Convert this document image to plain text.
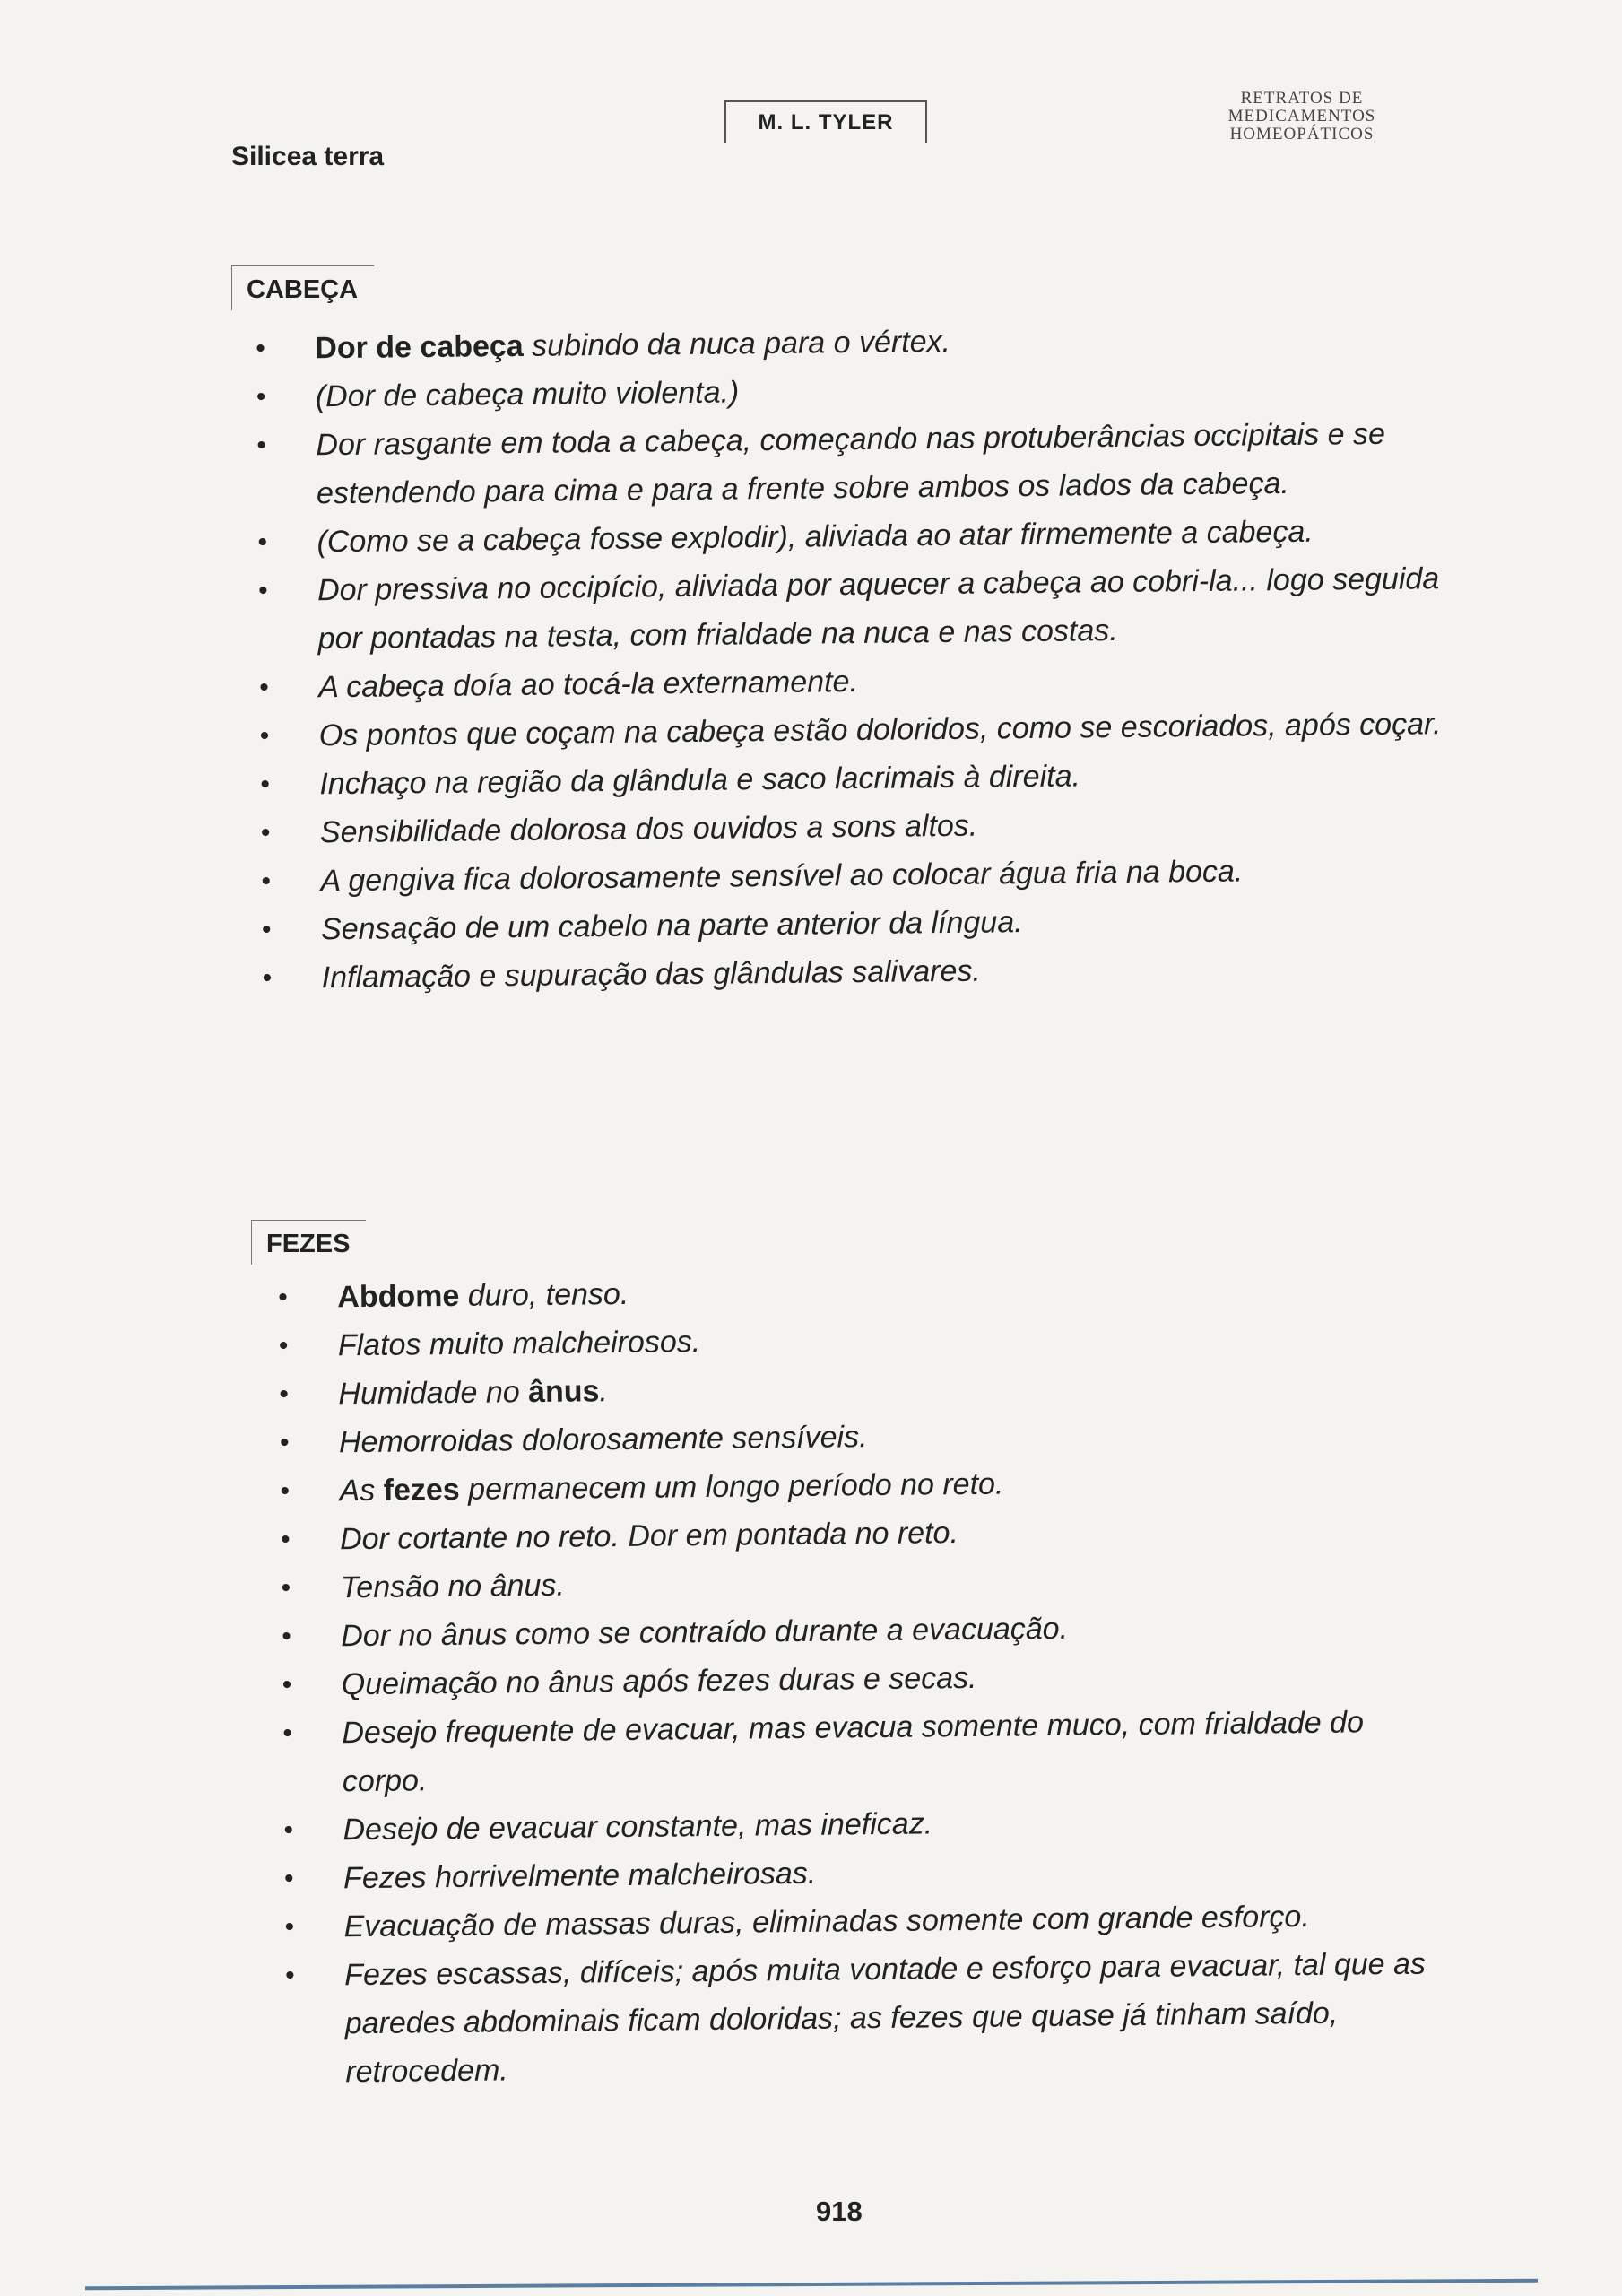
Silicea terra
M. L. TYLER
RETRATOS DE
MEDICAMENTOS
HOMEOPÁTICOS
CABEÇA
• Dor de cabeça subindo da nuca para o vértex.
• (Dor de cabeça muito violenta.)
• Dor rasgante em toda a cabeça, começando nas protuberâncias occipitais e se estendendo para cima e para a frente sobre ambos os lados da cabeça.
• (Como se a cabeça fosse explodir), aliviada ao atar firmemente a cabeça.
• Dor pressiva no occipício, aliviada por aquecer a cabeça ao cobri-la... logo seguida por pontadas na testa, com frialdade na nuca e nas costas.
• A cabeça doía ao tocá-la externamente.
• Os pontos que coçam na cabeça estão doloridos, como se escoriados, após coçar.
• Inchaço na região da glândula e saco lacrimais à direita.
• Sensibilidade dolorosa dos ouvidos a sons altos.
• A gengiva fica dolorosamente sensível ao colocar água fria na boca.
• Sensação de um cabelo na parte anterior da língua.
• Inflamação e supuração das glândulas salivares.
FEZES
• Abdome duro, tenso.
• Flatos muito malcheirosos.
• Humidade no ânus.
• Hemorroidas dolorosamente sensíveis.
• As fezes permanecem um longo período no reto.
• Dor cortante no reto. Dor em pontada no reto.
• Tensão no ânus.
• Dor no ânus como se contraído durante a evacuação.
• Queimação no ânus após fezes duras e secas.
• Desejo frequente de evacuar, mas evacua somente muco, com frialdade do corpo.
• Desejo de evacuar constante, mas ineficaz.
• Fezes horrivelmente malcheirosas.
• Evacuação de massas duras, eliminadas somente com grande esforço.
• Fezes escassas, difíceis; após muita vontade e esforço para evacuar, tal que as paredes abdominais ficam doloridas; as fezes que quase já tinham saído, retrocedem.
918
